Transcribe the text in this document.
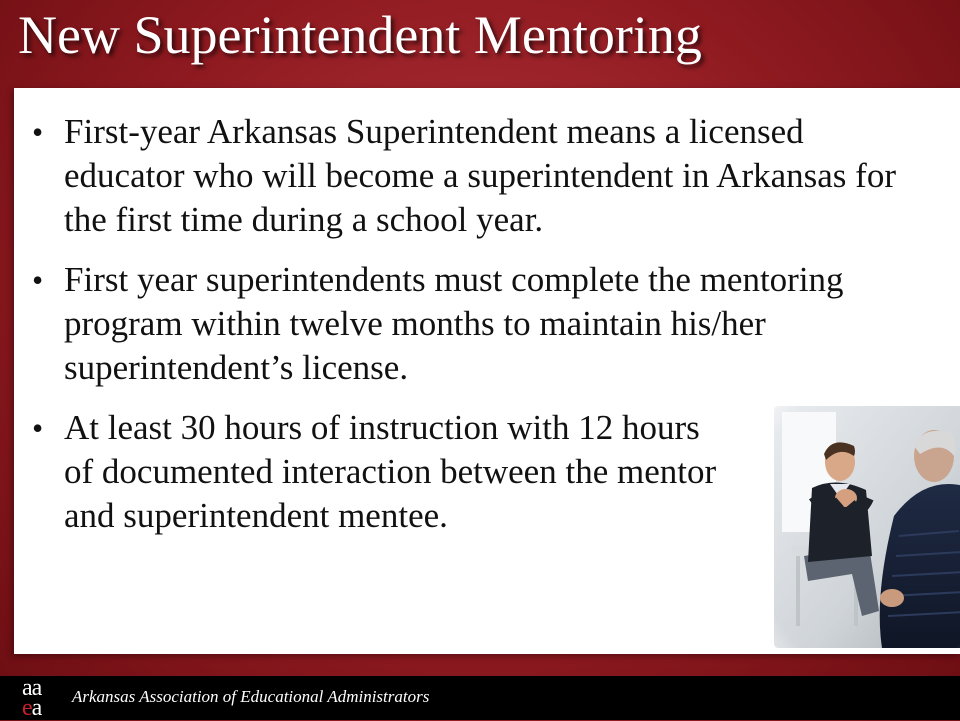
New Superintendent Mentoring
• First-year Arkansas Superintendent means a licensed educator who will become a superintendent in Arkansas for the first time during a school year.
• First year superintendents must complete the mentoring program within twelve months to maintain his/her superintendent’s license.
• At least 30 hours of instruction with 12 hours of documented interaction between the mentor and superintendent mentee.
aa
ea Arkansas Association of Educational Administrators
